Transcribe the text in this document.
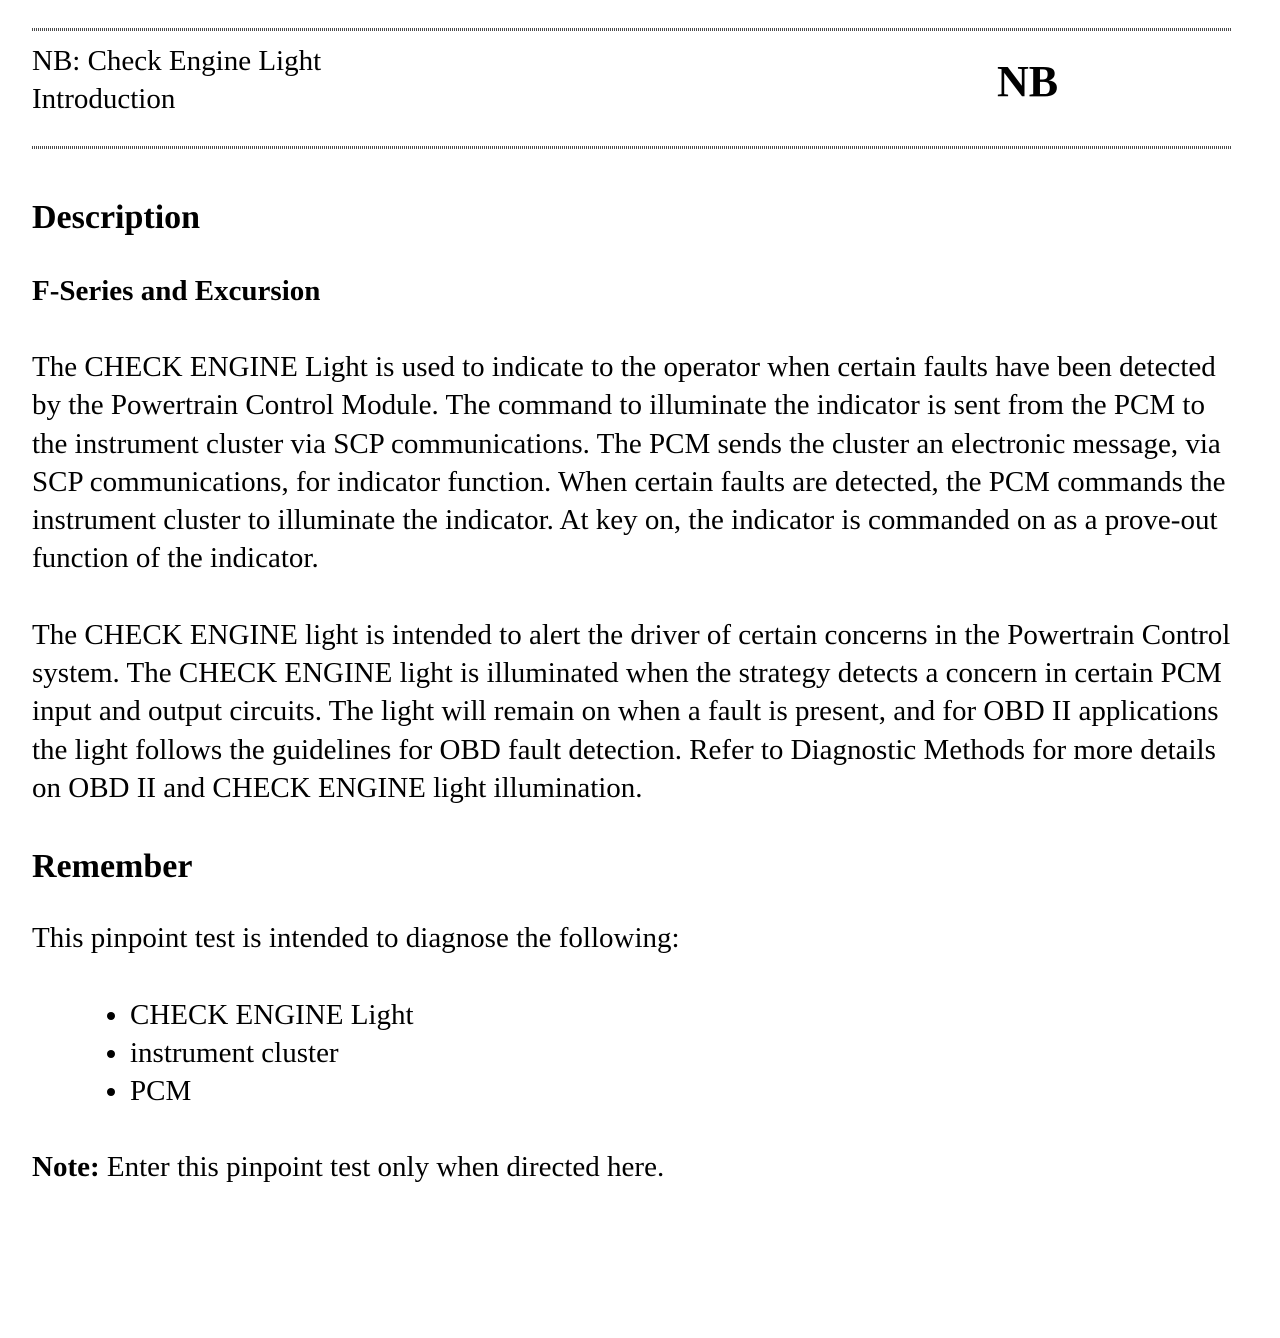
NB: Check Engine Light
Introduction	NB
Description
F-Series and Excursion

The CHECK ENGINE Light is used to indicate to the operator when certain faults have been detected by the Powertrain Control Module. The command to illuminate the indicator is sent from the PCM to the instrument cluster via SCP communications. The PCM sends the cluster an electronic message, via SCP communications, for indicator function. When certain faults are detected, the PCM commands the instrument cluster to illuminate the indicator. At key on, the indicator is commanded on as a prove-out function of the indicator.

The CHECK ENGINE light is intended to alert the driver of certain concerns in the Powertrain Control system. The CHECK ENGINE light is illuminated when the strategy detects a concern in certain PCM input and output circuits. The light will remain on when a fault is present, and for OBD II applications the light follows the guidelines for OBD fault detection. Refer to Diagnostic Methods for more details on OBD II and CHECK ENGINE light illumination.

Remember

This pinpoint test is intended to diagnose the following:

• CHECK ENGINE Light
• instrument cluster
• PCM

Note: Enter this pinpoint test only when directed here.
